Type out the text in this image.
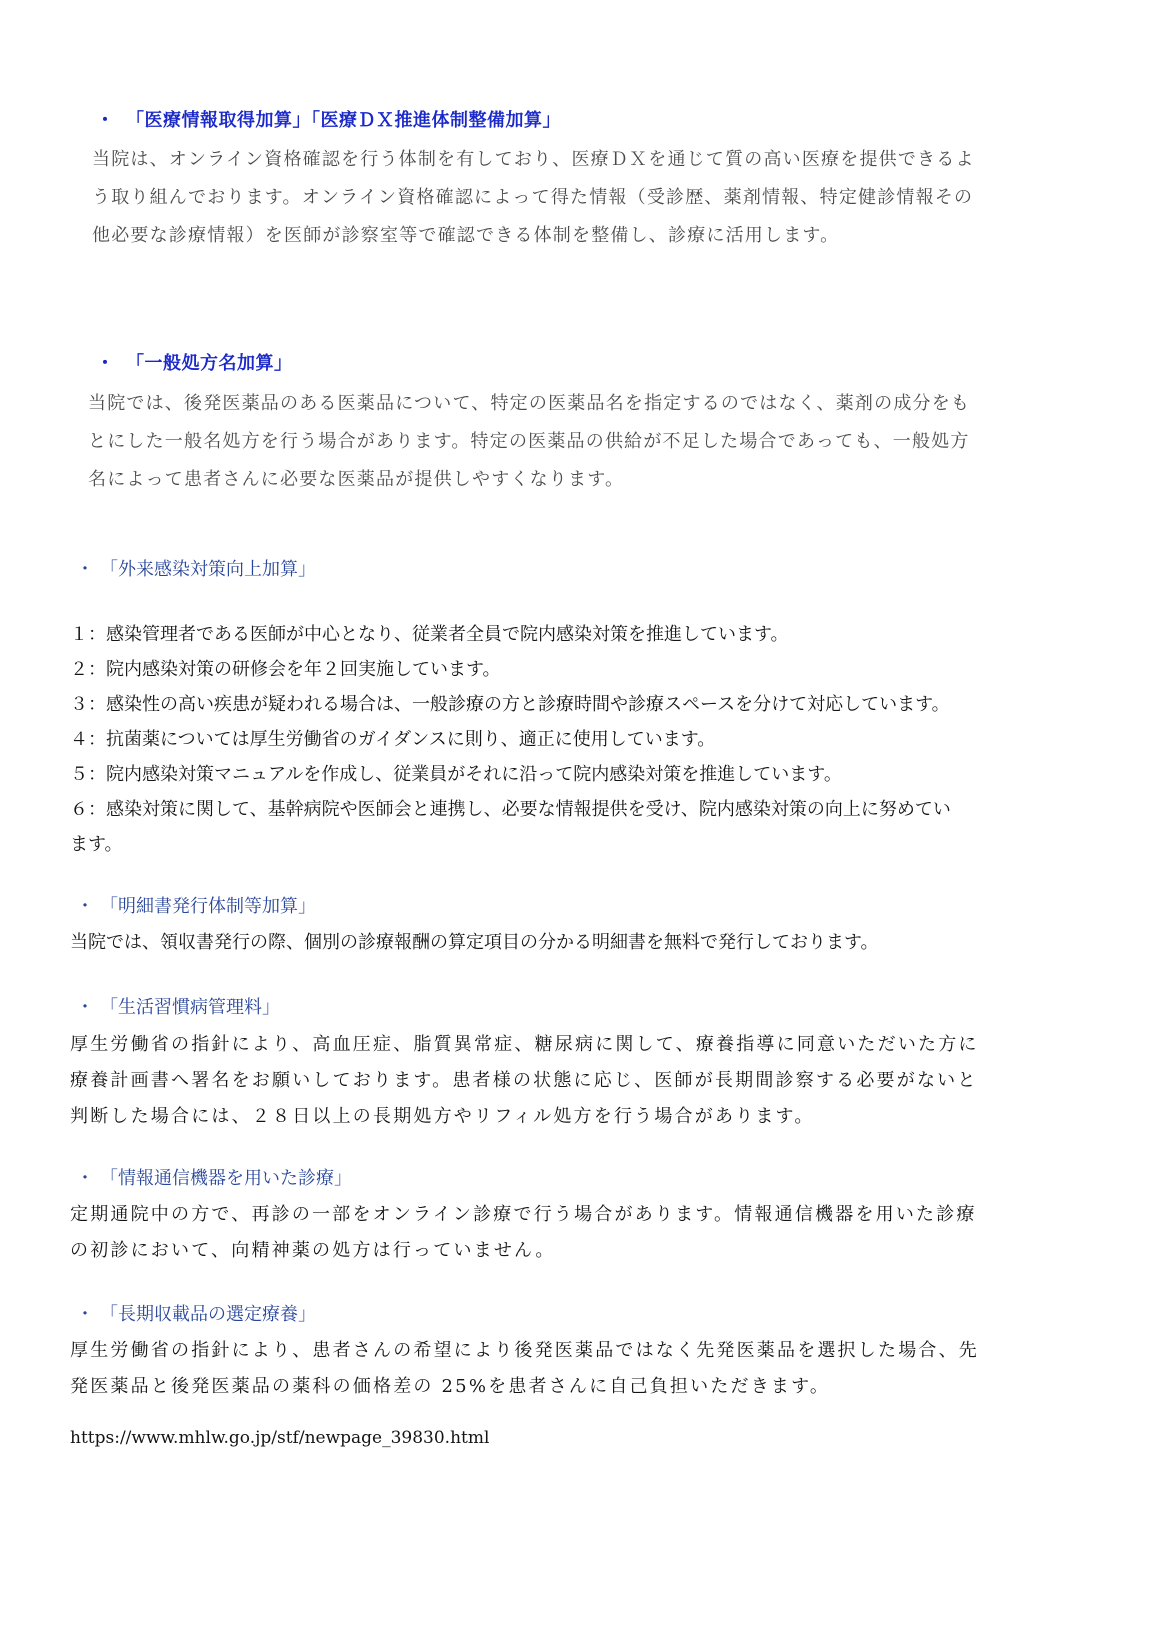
・ 「医療情報取得加算」「医療ＤＸ推進体制整備加算」
当院は、オンライン資格確認を行う体制を有しており、医療ＤＸを通じて質の高い医療を提供できるよ
う取り組んでおります。オンライン資格確認によって得た情報（受診歴、薬剤情報、特定健診情報その
他必要な診療情報）を医師が診察室等で確認できる体制を整備し、診療に活用します。
・ 「一般処方名加算」
当院では、後発医薬品のある医薬品について、特定の医薬品名を指定するのではなく、薬剤の成分をも
とにした一般名処方を行う場合があります。特定の医薬品の供給が不足した場合であっても、一般処方
名によって患者さんに必要な医薬品が提供しやすくなります。
・ 「外来感染対策向上加算」
１：感染管理者である医師が中心となり、従業者全員で院内感染対策を推進しています。
２：院内感染対策の研修会を年２回実施しています。
３：感染性の高い疾患が疑われる場合は、一般診療の方と診療時間や診療スペースを分けて対応しています。
４：抗菌薬については厚生労働省のガイダンスに則り、適正に使用しています。
５：院内感染対策マニュアルを作成し、従業員がそれに沿って院内感染対策を推進しています。
６：感染対策に関して、基幹病院や医師会と連携し、必要な情報提供を受け、院内感染対策の向上に努めてい
ます。
・ 「明細書発行体制等加算」
当院では、領収書発行の際、個別の診療報酬の算定項目の分かる明細書を無料で発行しております。
・ 「生活習慣病管理料」
厚生労働省の指針により、高血圧症、脂質異常症、糖尿病に関して、療養指導に同意いただいた方に
療養計画書へ署名をお願いしております。患者様の状態に応じ、医師が長期間診察する必要がないと
判断した場合には、２８日以上の長期処方やリフィル処方を行う場合があります。
・ 「情報通信機器を用いた診療」
定期通院中の方で、再診の一部をオンライン診療で行う場合があります。情報通信機器を用いた診療
の初診において、向精神薬の処方は行っていません。
・ 「長期収載品の選定療養」
厚生労働省の指針により、患者さんの希望により後発医薬品ではなく先発医薬品を選択した場合、先
発医薬品と後発医薬品の薬科の価格差の 25%を患者さんに自己負担いただきます。
https://www.mhlw.go.jp/stf/newpage_39830.html
